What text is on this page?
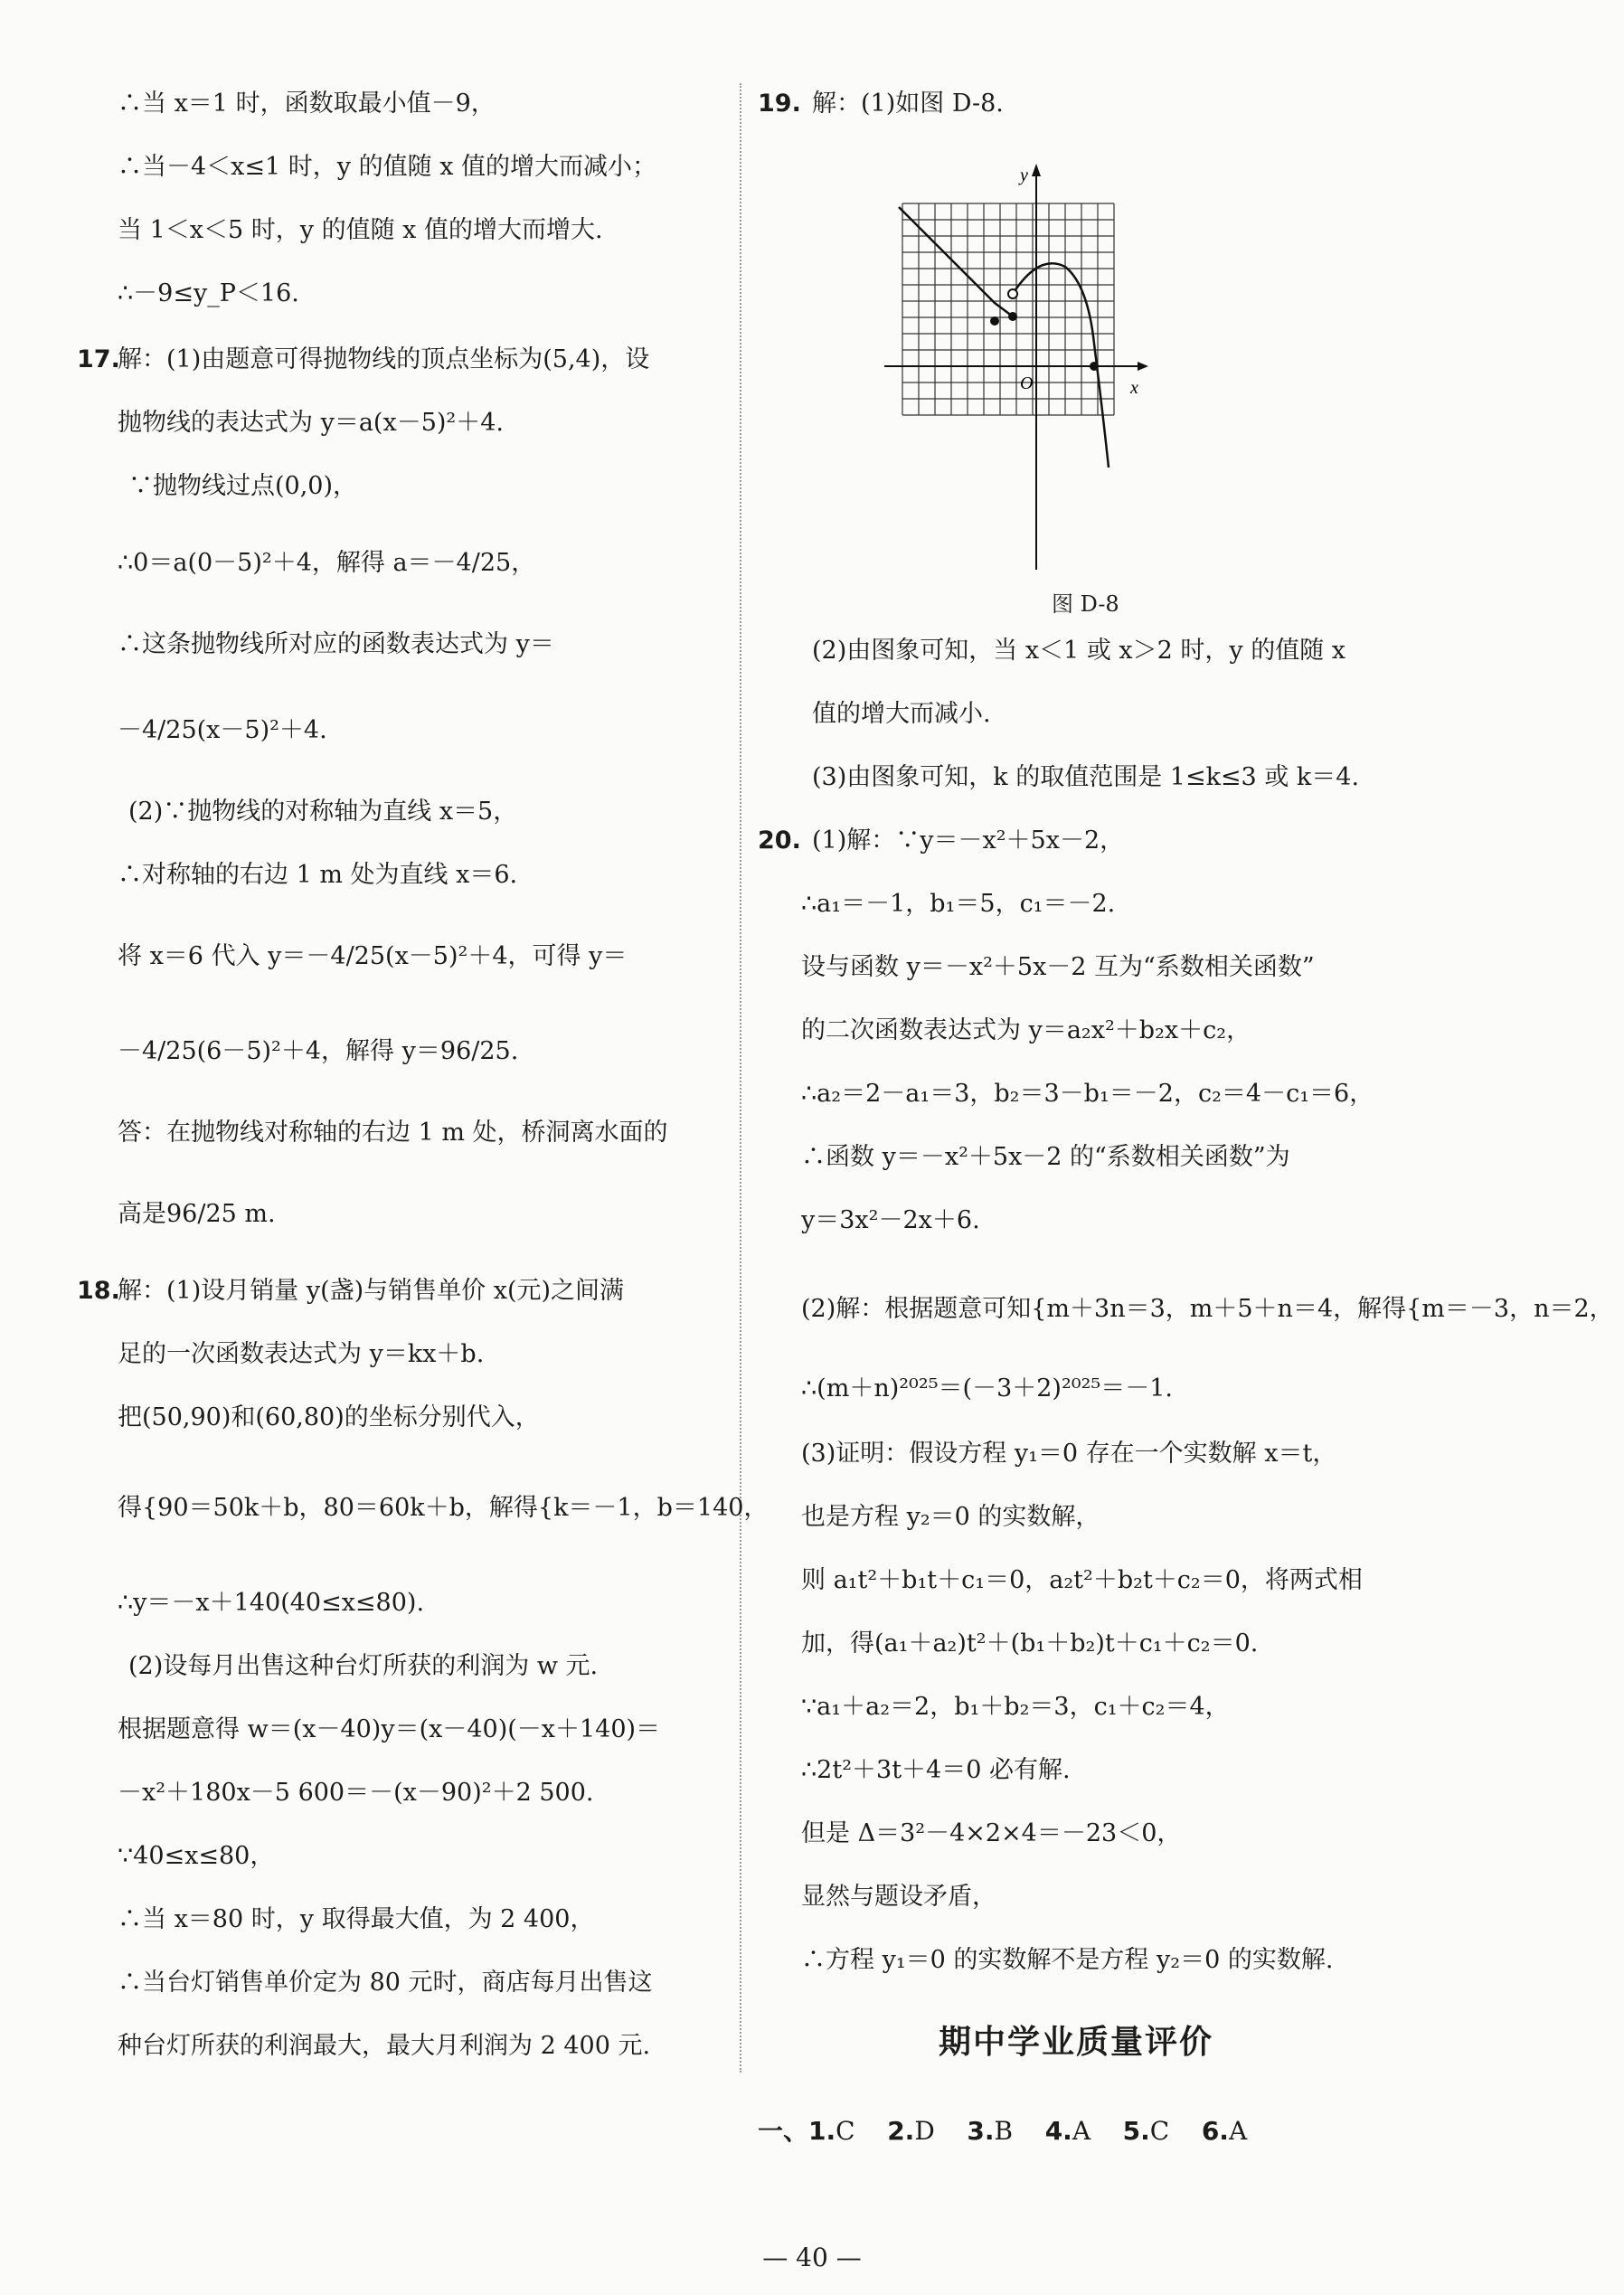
∴当 x＝1 时，函数取最小值－9，
∴当－4＜x≤1 时，y 的值随 x 值的增大而减小；
当 1＜x＜5 时，y 的值随 x 值的增大而增大.
∴－9≤y_P＜16.
17.
解：(1)由题意可得抛物线的顶点坐标为(5,4)，设
抛物线的表达式为 y＝a(x－5)²＋4.
∵抛物线过点(0,0)，
∴0＝a(0－5)²＋4，解得 a＝－4/25，
∴这条抛物线所对应的函数表达式为 y＝
－4/25(x－5)²＋4.
(2)∵抛物线的对称轴为直线 x＝5，
∴对称轴的右边 1 m 处为直线 x＝6.
将 x＝6 代入 y＝－4/25(x－5)²＋4，可得 y＝
－4/25(6－5)²＋4，解得 y＝96/25.
答：在抛物线对称轴的右边 1 m 处，桥洞离水面的
高是96/25 m.
18.
解：(1)设月销量 y(盏)与销售单价 x(元)之间满
足的一次函数表达式为 y＝kx＋b.
把(50,90)和(60,80)的坐标分别代入，
得{90＝50k＋b，80＝60k＋b，解得{k＝－1，b＝140，
∴y＝－x＋140(40≤x≤80).
(2)设每月出售这种台灯所获的利润为 w 元.
根据题意得 w＝(x－40)y＝(x－40)(－x＋140)＝
－x²＋180x－5 600＝－(x－90)²＋2 500.
∵40≤x≤80，
∴当 x＝80 时，y 取得最大值，为 2 400，
∴当台灯销售单价定为 80 元时，商店每月出售这
种台灯所获的利润最大，最大月利润为 2 400 元.
19. 解：(1)如图 D-8.
x
y
O
图 D-8
(2)由图象可知，当 x＜1 或 x＞2 时，y 的值随 x
值的增大而减小.
(3)由图象可知，k 的取值范围是 1≤k≤3 或 k＝4.
20. (1)解：∵y＝－x²＋5x－2，
∴a₁＝－1，b₁＝5，c₁＝－2.
设与函数 y＝－x²＋5x－2 互为“系数相关函数”
的二次函数表达式为 y＝a₂x²＋b₂x＋c₂，
∴a₂＝2－a₁＝3，b₂＝3－b₁＝－2，c₂＝4－c₁＝6，
∴函数 y＝－x²＋5x－2 的“系数相关函数”为
y＝3x²－2x＋6.
(2)解：根据题意可知{m＋3n＝3，m＋5＋n＝4，解得{m＝－3，n＝2，
∴(m＋n)²⁰²⁵＝(－3＋2)²⁰²⁵＝－1.
(3)证明：假设方程 y₁＝0 存在一个实数解 x＝t，
也是方程 y₂＝0 的实数解，
则 a₁t²＋b₁t＋c₁＝0，a₂t²＋b₂t＋c₂＝0，将两式相
加，得(a₁＋a₂)t²＋(b₁＋b₂)t＋c₁＋c₂＝0.
∵a₁＋a₂＝2，b₁＋b₂＝3，c₁＋c₂＝4，
∴2t²＋3t＋4＝0 必有解.
但是 Δ＝3²－4×2×4＝－23＜0，
显然与题设矛盾，
∴方程 y₁＝0 的实数解不是方程 y₂＝0 的实数解.
期中学业质量评价
一、1.C 2.D 3.B 4.A 5.C 6.A
— 40 —
